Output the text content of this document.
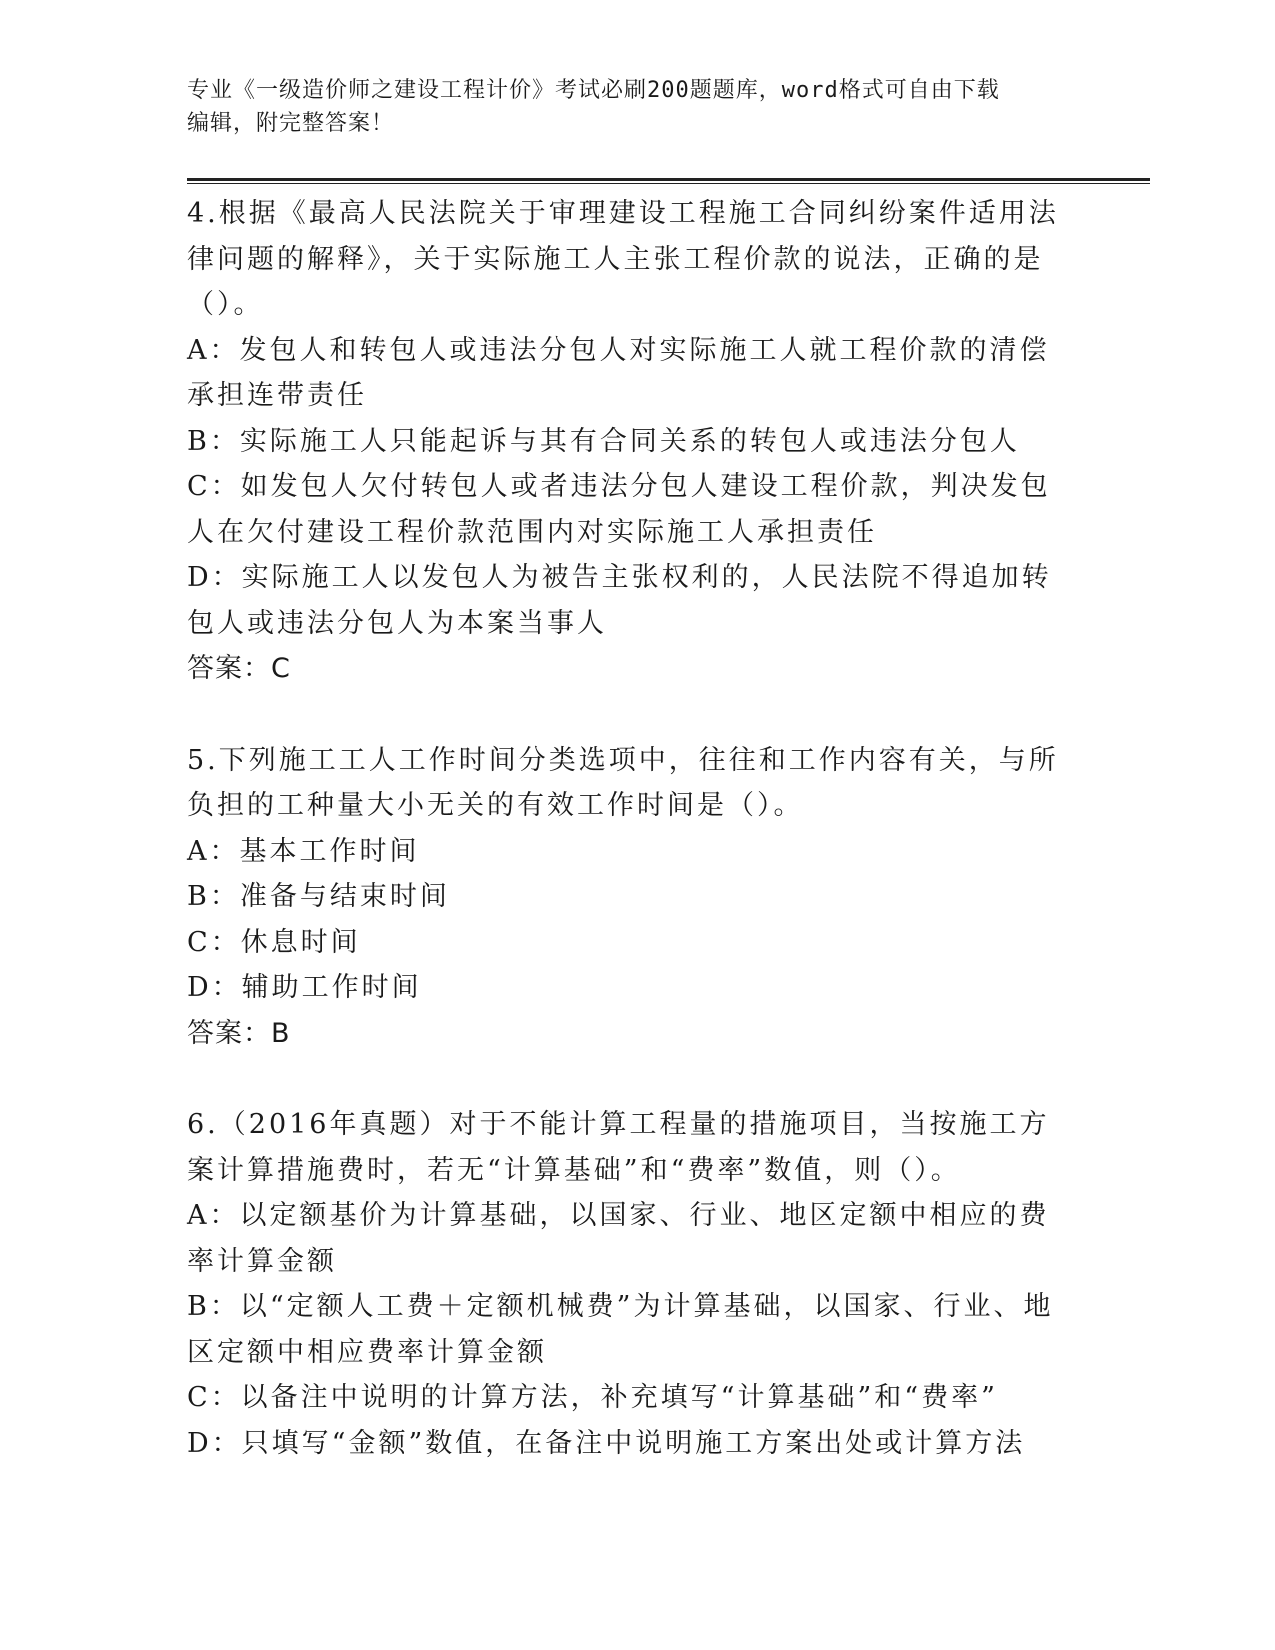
专业《一级造价师之建设工程计价》考试必刷200题题库，word格式可自由下载
编辑，附完整答案！

4.根据《最高人民法院关于审理建设工程施工合同纠纷案件适用法律问题的解释》，关于实际施工人主张工程价款的说法，正确的是（）。

A：发包人和转包人或违法分包人对实际施工人就工程价款的清偿承担连带责任

B：实际施工人只能起诉与其有合同关系的转包人或违法分包人

C：如发包人欠付转包人或者违法分包人建设工程价款，判决发包人在欠付建设工程价款范围内对实际施工人承担责任

D：实际施工人以发包人为被告主张权利的，人民法院不得追加转包人或违法分包人为本案当事人

答案：C

5.下列施工工人工作时间分类选项中，往往和工作内容有关，与所负担的工种量大小无关的有效工作时间是（）。

A：基本工作时间

B：准备与结束时间

C：休息时间

D：辅助工作时间

答案：B

6.（2016年真题）对于不能计算工程量的措施项目，当按施工方案计算措施费时，若无“计算基础”和“费率”数值，则（）。

A：以定额基价为计算基础，以国家、行业、地区定额中相应的费率计算金额

B：以“定额人工费＋定额机械费”为计算基础，以国家、行业、地区定额中相应费率计算金额

C：以备注中说明的计算方法，补充填写“计算基础”和“费率”

D：只填写“金额”数值，在备注中说明施工方案出处或计算方法
